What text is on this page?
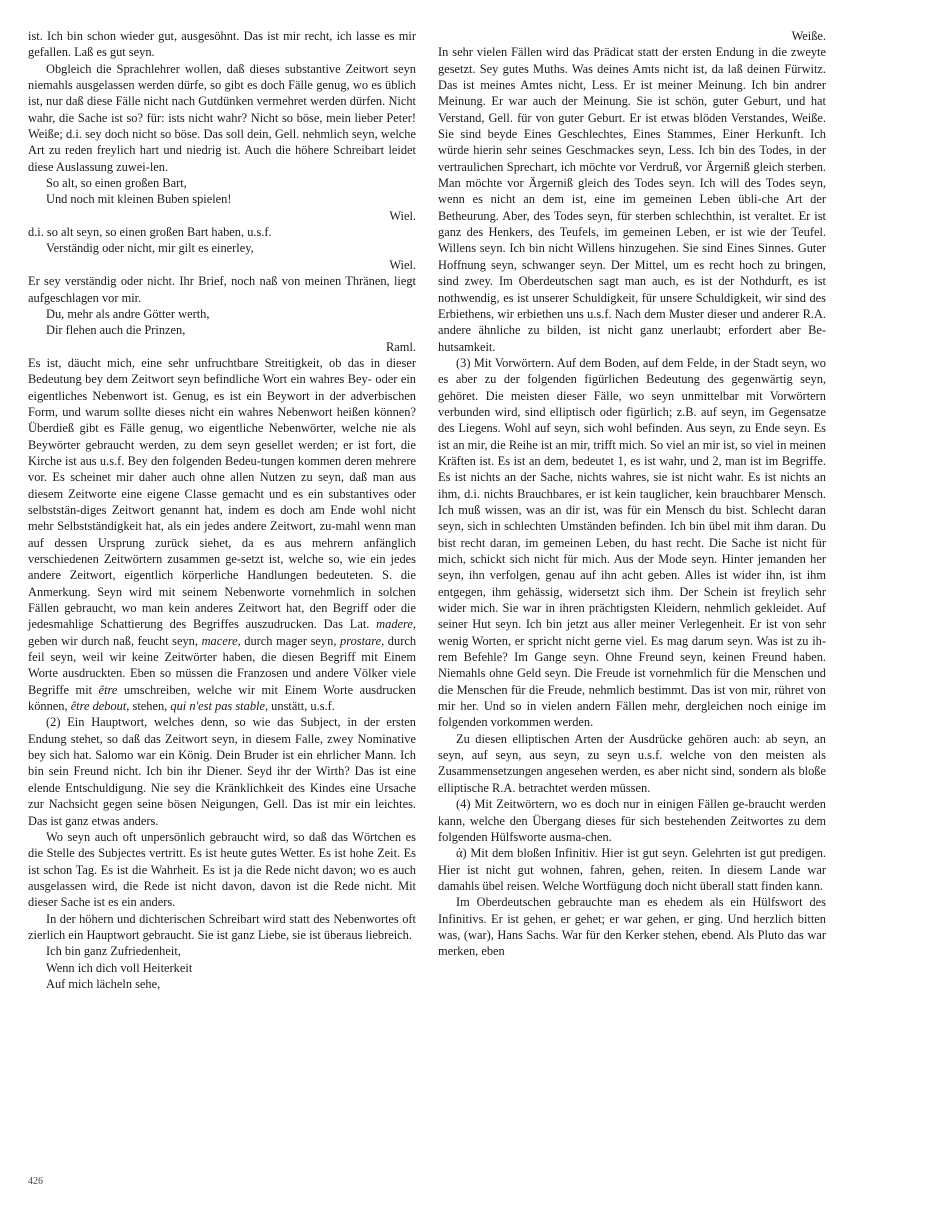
ist. Ich bin schon wieder gut, ausgesöhnt. Das ist mir recht, ich lasse es mir gefallen. Laß es gut seyn.

Obgleich die Sprachlehrer wollen, daß dieses substantive Zeitwort seyn niemahls ausgelassen werden dürfe, so gibt es doch Fälle genug, wo es üblich ist, nur daß diese Fälle nicht nach Gutdünken vermehret werden dürfen. Nicht wahr, die Sache ist so? für: ists nicht wahr? Nicht so böse, mein lieber Peter! Weiße; d.i. sey doch nicht so böse. Das soll dein, Gell. nehmlich seyn, welche Art zu reden freylich hart und niedrig ist. Auch die höhere Schreibart leidet diese Auslassung zuwei-len.

So alt, so einen großen Bart,

Und noch mit kleinen Buben spielen!

Wiel.

d.i. so alt seyn, so einen großen Bart haben, u.s.f.

Verständig oder nicht, mir gilt es einerley,

Wiel.

Er sey verständig oder nicht. Ihr Brief, noch naß von meinen Thränen, liegt aufgeschlagen vor mir.

Du, mehr als andre Götter werth,

Dir flehen auch die Prinzen,

Raml.

Es ist, däucht mich, eine sehr unfruchtbare Streitigkeit, ob das in dieser Bedeutung bey dem Zeitwort seyn befindliche Wort ein wahres Bey- oder ein eigentliches Nebenwort ist. Genug, es ist ein Beywort in der adverbischen Form, und warum sollte dieses nicht ein wahres Nebenwort heißen können? Überdieß gibt es Fälle genug, wo eigentliche Nebenwörter, welche nie als Beywörter gebraucht werden, zu dem seyn gesellet werden; er ist fort, die Kirche ist aus u.s.f. Bey den folgenden Bedeu-tungen kommen deren mehrere vor. Es scheinet mir daher auch ohne allen Nutzen zu seyn, daß man aus diesem Zeitworte eine eigene Classe gemacht und es ein substantives oder selbststän-diges Zeitwort genannt hat, indem es doch am Ende wohl nicht mehr Selbstständigkeit hat, als ein jedes andere Zeitwort, zu-mahl wenn man auf dessen Ursprung zurück siehet, da es aus mehrern anfänglich verschiedenen Zeitwörtern zusammen ge-setzt ist, welche so, wie ein jedes andere Zeitwort, eigentlich körperliche Handlungen bedeuteten. S. die Anmerkung. Seyn wird mit seinem Nebenworte vornehmlich in solchen Fällen gebraucht, wo man kein anderes Zeitwort hat, den Begriff oder die jedesmahlige Schattierung des Begriffes auszudrucken. Das Lat. madere, geben wir durch naß, feucht seyn, macere, durch mager seyn, prostare, durch feil seyn, weil wir keine Zeitwörter haben, die diesen Begriff mit Einem Worte ausdruckten. Eben so müssen die Franzosen und andere Völker viele Begriffe mit être umschreiben, welche wir mit Einem Worte ausdrucken können, être debout, stehen, qui n'est pas stable, unstätt, u.s.f.

(2) Ein Hauptwort, welches denn, so wie das Subject, in der ersten Endung stehet, so daß das Zeitwort seyn, in diesem Falle, zwey Nominative bey sich hat. Salomo war ein König. Dein Bruder ist ein ehrlicher Mann. Ich bin sein Freund nicht. Ich bin ihr Diener. Seyd ihr der Wirth? Das ist eine elende Entschuldigung. Nie sey die Kränklichkeit des Kindes eine Ursache zur Nachsicht gegen seine bösen Neigungen, Gell. Das ist mir ein leichtes. Das ist ganz etwas anders.

Wo seyn auch oft unpersönlich gebraucht wird, so daß das Wörtchen es die Stelle des Subjectes vertritt. Es ist heute gutes Wetter. Es ist hohe Zeit. Es ist schon Tag. Es ist die Wahrheit. Es ist ja die Rede nicht davon; wo es auch ausgelassen wird, die Rede ist nicht davon, davon ist die Rede nicht. Mit dieser Sache ist es ein anders.

In der höhern und dichterischen Schreibart wird statt des Nebenwortes oft zierlich ein Hauptwort gebraucht. Sie ist ganz Liebe, sie ist überaus liebreich.

Ich bin ganz Zufriedenheit,

Wenn ich dich voll Heiterkeit

Auf mich lächeln sehe,

Weiße.

In sehr vielen Fällen wird das Prädicat statt der ersten Endung in die zweyte gesetzt. Sey gutes Muths. Was deines Amts nicht ist, da laß deinen Fürwitz. Das ist meines Amtes nicht, Less. Er ist meiner Meinung. Ich bin andrer Meinung. Er war auch der Meinung. Sie ist schön, guter Geburt, und hat Verstand, Gell. für von guter Geburt. Er ist etwas blöden Verstandes, Weiße. Sie sind beyde Eines Geschlechtes, Eines Stammes, Einer Herkunft. Ich würde hierin sehr seines Geschmackes seyn, Less. Ich bin des Todes, in der vertraulichen Sprechart, ich möchte vor Verdruß, vor Ärgerniß gleich sterben. Man möchte vor Ärgerniß gleich des Todes seyn. Ich will des Todes seyn, wenn es nicht an dem ist, eine im gemeinen Leben übli-che Art der Betheurung. Aber, des Todes seyn, für sterben schlechthin, ist veraltet. Er ist ganz des Henkers, des Teufels, im gemeinen Leben, er ist wie der Teufel. Willens seyn. Ich bin nicht Willens hinzugehen. Sie sind Eines Sinnes. Guter Hoffnung seyn, schwanger seyn. Der Mittel, um es recht hoch zu bringen, sind zwey. Im Oberdeutschen sagt man auch, es ist der Nothdurft, es ist nothwendig, es ist unserer Schuldigkeit, für unsere Schuldigkeit, wir sind des Erbiethens, wir erbiethen uns u.s.f. Nach dem Muster dieser und anderer R.A. andere ähnliche zu bilden, ist nicht ganz unerlaubt; erfordert aber Be-hutsamkeit.

(3) Mit Vorwörtern. Auf dem Boden, auf dem Felde, in der Stadt seyn, wo es aber zu der folgenden figürlichen Bedeutung des gegenwärtig seyn, gehöret. Die meisten dieser Fälle, wo seyn unmittelbar mit Vorwörtern verbunden wird, sind elliptisch oder figürlich; z.B. auf seyn, im Gegensatze des Liegens. Wohl auf seyn, sich wohl befinden. Aus seyn, zu Ende seyn. Es ist an mir, die Reihe ist an mir, trifft mich. So viel an mir ist, so viel in meinen Kräften ist. Es ist an dem, bedeutet 1, es ist wahr, und 2, man ist im Begriffe. Es ist nichts an der Sache, nichts wahres, sie ist nicht wahr. Es ist nichts an ihm, d.i. nichts Brauchbares, er ist kein tauglicher, kein brauchbarer Mensch. Ich muß wissen, was an dir ist, was für ein Mensch du bist. Schlecht daran seyn, sich in schlechten Umständen befinden. Ich bin übel mit ihm daran. Du bist recht daran, im gemeinen Leben, du hast recht. Die Sache ist nicht für mich, schickt sich nicht für mich. Aus der Mode seyn. Hinter jemanden her seyn, ihn verfolgen, genau auf ihn acht geben. Alles ist wider ihn, ist ihm entgegen, ihm gehässig, widersetzt sich ihm. Der Schein ist freylich sehr wider mich. Sie war in ihren prächtigsten Kleidern, nehmlich gekleidet. Auf seiner Hut seyn. Ich bin jetzt aus aller meiner Verlegenheit. Er ist von sehr wenig Worten, er spricht nicht gerne viel. Es mag darum seyn. Was ist zu ih-rem Befehle? Im Gange seyn. Ohne Freund seyn, keinen Freund haben. Niemahls ohne Geld seyn. Die Freude ist vornehmlich für die Menschen und die Menschen für die Freude, nehmlich bestimmt. Das ist von mir, rühret von mir her. Und so in vielen andern Fällen mehr, dergleichen noch einige im folgenden vorkommen werden.

Zu diesen elliptischen Arten der Ausdrücke gehören auch: ab seyn, an seyn, auf seyn, aus seyn, zu seyn u.s.f. welche von den meisten als Zusammensetzungen angesehen werden, es aber nicht sind, sondern als bloße elliptische R.A. betrachtet werden müssen.

(4) Mit Zeitwörtern, wo es doch nur in einigen Fällen ge-braucht werden kann, welche den Übergang dieses für sich bestehenden Zeitwortes zu dem folgenden Hülfsworte ausma-chen.

ά) Mit dem bloßen Infinitiv. Hier ist gut seyn. Gelehrten ist gut predigen. Hier ist nicht gut wohnen, fahren, gehen, reiten. In diesem Lande war damahls übel reisen. Welche Wortfügung doch nicht überall statt finden kann.

Im Oberdeutschen gebrauchte man es ehedem als ein Hülfswort des Infinitivs. Er ist gehen, er gehet; er war gehen, er ging. Und herzlich bitten was, (war), Hans Sachs. War für den Kerker stehen, ebend. Als Pluto das war merken, eben

426
